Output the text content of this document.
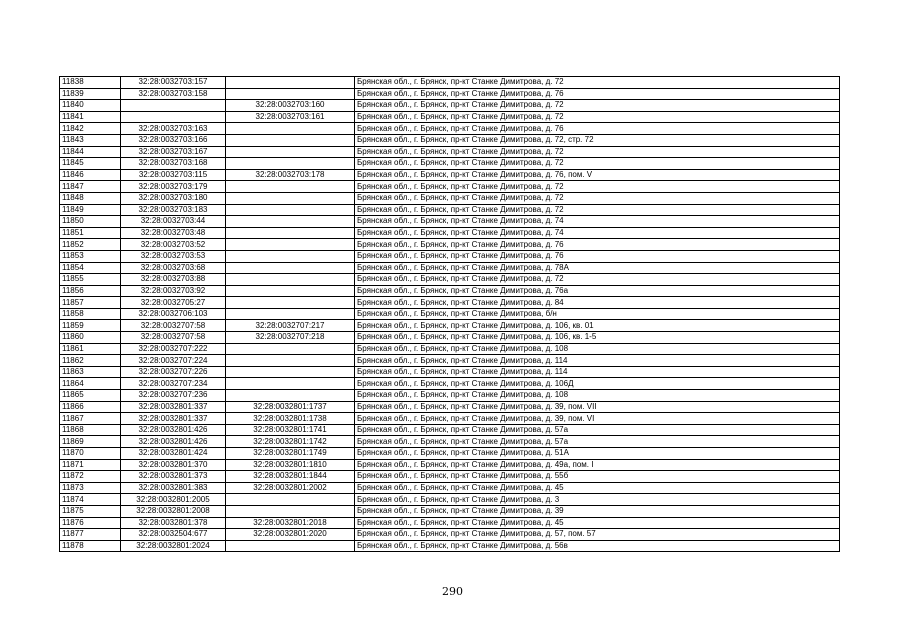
11838	32:28:0032703:157		Брянская обл., г. Брянск, пр-кт Станке Димитрова, д. 72
11839	32:28:0032703:158		Брянская обл., г. Брянск, пр-кт Станке Димитрова, д. 76
11840		32:28:0032703:160	Брянская обл., г. Брянск, пр-кт Станке Димитрова, д. 72
11841		32:28:0032703:161	Брянская обл., г. Брянск, пр-кт Станке Димитрова, д. 72
11842	32:28:0032703:163		Брянская обл., г. Брянск, пр-кт Станке Димитрова, д. 76
11843	32:28:0032703:166		Брянская обл., г. Брянск, пр-кт Станке Димитрова, д. 72, стр. 72
11844	32:28:0032703:167		Брянская обл., г. Брянск, пр-кт Станке Димитрова, д. 72
11845	32:28:0032703:168		Брянская обл., г. Брянск, пр-кт Станке Димитрова, д. 72
11846	32:28:0032703:115	32:28:0032703:178	Брянская обл., г. Брянск, пр-кт Станке Димитрова, д. 76, пом. V
11847	32:28:0032703:179		Брянская обл., г. Брянск, пр-кт Станке Димитрова, д. 72
11848	32:28:0032703:180		Брянская обл., г. Брянск, пр-кт Станке Димитрова, д. 72
11849	32:28:0032703:183		Брянская обл., г. Брянск, пр-кт Станке Димитрова, д. 72
11850	32:28:0032703:44		Брянская обл., г. Брянск, пр-кт Станке Димитрова, д. 74
11851	32:28:0032703:48		Брянская обл., г. Брянск, пр-кт Станке Димитрова, д. 74
11852	32:28:0032703:52		Брянская обл., г. Брянск, пр-кт Станке Димитрова, д. 76
11853	32:28:0032703:53		Брянская обл., г. Брянск, пр-кт Станке Димитрова, д. 76
11854	32:28:0032703:68		Брянская обл., г. Брянск, пр-кт Станке Димитрова, д. 78А
11855	32:28:0032703:88		Брянская обл., г. Брянск, пр-кт Станке Димитрова, д. 72
11856	32:28:0032703:92		Брянская обл., г. Брянск, пр-кт Станке Димитрова, д. 76а
11857	32:28:0032705:27		Брянская обл., г. Брянск, пр-кт Станке Димитрова, д. 84
11858	32:28:0032706:103		Брянская обл., г. Брянск, пр-кт Станке Димитрова, б/н
11859	32:28:0032707:58	32:28:0032707:217	Брянская обл., г. Брянск, пр-кт Станке Димитрова, д. 106, кв. 01
11860	32:28:0032707:58	32:28:0032707:218	Брянская обл., г. Брянск, пр-кт Станке Димитрова, д. 106, кв. 1-5
11861	32:28:0032707:222		Брянская обл., г. Брянск, пр-кт Станке Димитрова, д. 108
11862	32:28:0032707:224		Брянская обл., г. Брянск, пр-кт Станке Димитрова, д. 114
11863	32:28:0032707:226		Брянская обл., г. Брянск, пр-кт Станке Димитрова, д. 114
11864	32:28:0032707:234		Брянская обл., г. Брянск, пр-кт Станке Димитрова, д. 106Д
11865	32:28:0032707:236		Брянская обл., г. Брянск, пр-кт Станке Димитрова, д. 108
11866	32:28:0032801:337	32:28:0032801:1737	Брянская обл., г. Брянск, пр-кт Станке Димитрова, д. 39, пом. VII
11867	32:28:0032801:337	32:28:0032801:1738	Брянская обл., г. Брянск, пр-кт Станке Димитрова, д. 39, пом. VI
11868	32:28:0032801:426	32:28:0032801:1741	Брянская обл., г. Брянск, пр-кт Станке Димитрова, д. 57а
11869	32:28:0032801:426	32:28:0032801:1742	Брянская обл., г. Брянск, пр-кт Станке Димитрова, д. 57а
11870	32:28:0032801:424	32:28:0032801:1749	Брянская обл., г. Брянск, пр-кт Станке Димитрова, д. 51А
11871	32:28:0032801:370	32:28:0032801:1810	Брянская обл., г. Брянск, пр-кт Станке Димитрова, д. 49а, пом. I
11872	32:28:0032801:373	32:28:0032801:1844	Брянская обл., г. Брянск, пр-кт Станке Димитрова, д. 55б
11873	32:28:0032801:383	32:28:0032801:2002	Брянская обл., г. Брянск, пр-кт Станке Димитрова, д. 45
11874	32:28:0032801:2005		Брянская обл., г. Брянск, пр-кт Станке Димитрова, д. 3
11875	32:28:0032801:2008		Брянская обл., г. Брянск, пр-кт Станке Димитрова, д. 39
11876	32:28:0032801:378	32:28:0032801:2018	Брянская обл., г. Брянск, пр-кт Станке Димитрова, д. 45
11877	32:28:0032504:677	32:28:0032801:2020	Брянская обл., г. Брянск, пр-кт Станке Димитрова, д. 57, пом. 57
11878	32:28:0032801:2024		Брянская обл., г. Брянск, пр-кт Станке Димитрова, д. 56в
290
